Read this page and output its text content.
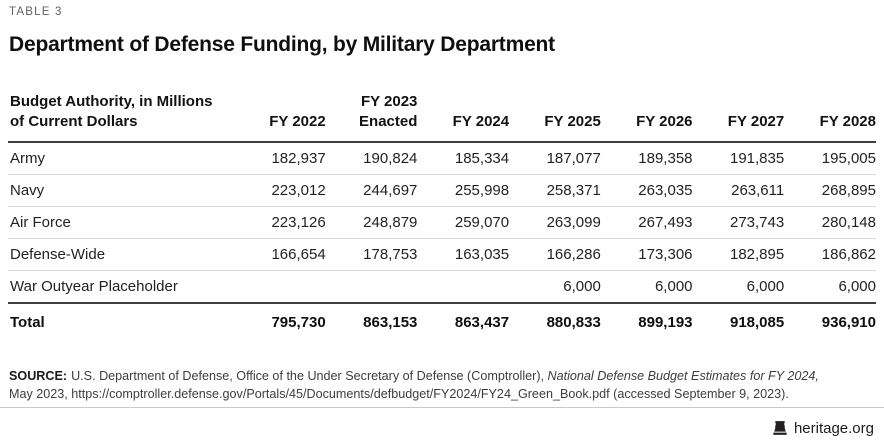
TABLE 3
Department of Defense Funding, by Military Department
Budget Authority, in Millions of Current Dollars	FY 2022	FY 2023 Enacted	FY 2024	FY 2025	FY 2026	FY 2027	FY 2028
Army	182,937	190,824	185,334	187,077	189,358	191,835	195,005
Navy	223,012	244,697	255,998	258,371	263,035	263,611	268,895
Air Force	223,126	248,879	259,070	263,099	267,493	273,743	280,148
Defense-Wide	166,654	178,753	163,035	166,286	173,306	182,895	186,862
War Outyear Placeholder				6,000	6,000	6,000	6,000
Total	795,730	863,153	863,437	880,833	899,193	918,085	936,910

SOURCE: U.S. Department of Defense, Office of the Under Secretary of Defense (Comptroller), National Defense Budget Estimates for FY 2024,
May 2023, https://comptroller.defense.gov/Portals/45/Documents/defbudget/FY2024/FY24_Green_Book.pdf (accessed September 9, 2023).

heritage.org
